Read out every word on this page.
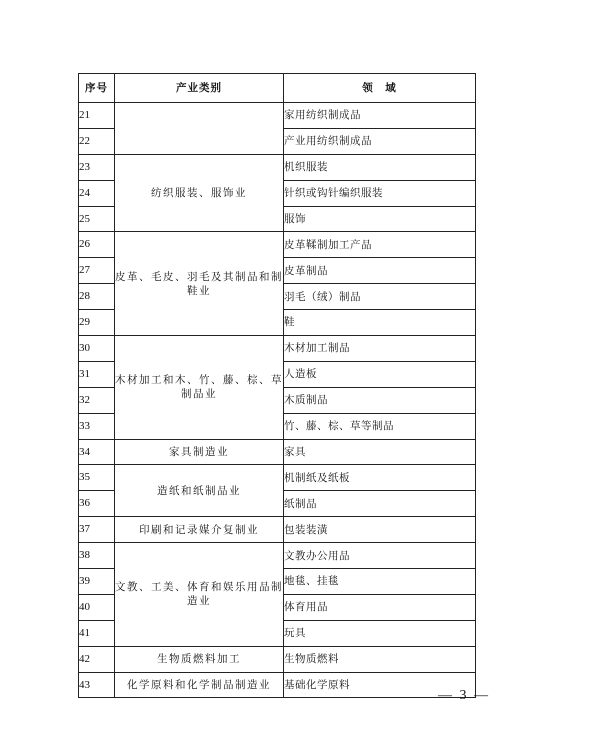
序号	产业类别	领　域
21		家用纺织制成品
22		产业用纺织制成品
23	纺织服装、服饰业	机织服装
24		针织或钩针编织服装
25		服饰
26	皮革、毛皮、羽毛及其制品和制鞋业	皮革鞣制加工产品
27		皮革制品
28		羽毛（绒）制品
29		鞋
30	木材加工和木、竹、藤、棕、草制品业	木材加工制品
31		人造板
32		木质制品
33		竹、藤、棕、草等制品
34	家具制造业	家具
35	造纸和纸制品业	机制纸及纸板
36		纸制品
37	印刷和记录媒介复制业	包装装潢
38	文教、工美、体育和娱乐用品制造业	文教办公用品
39		地毯、挂毯
40		体育用品
41		玩具
42	生物质燃料加工	生物质燃料
43	化学原料和化学制品制造业	基础化学原料
— 3 —
